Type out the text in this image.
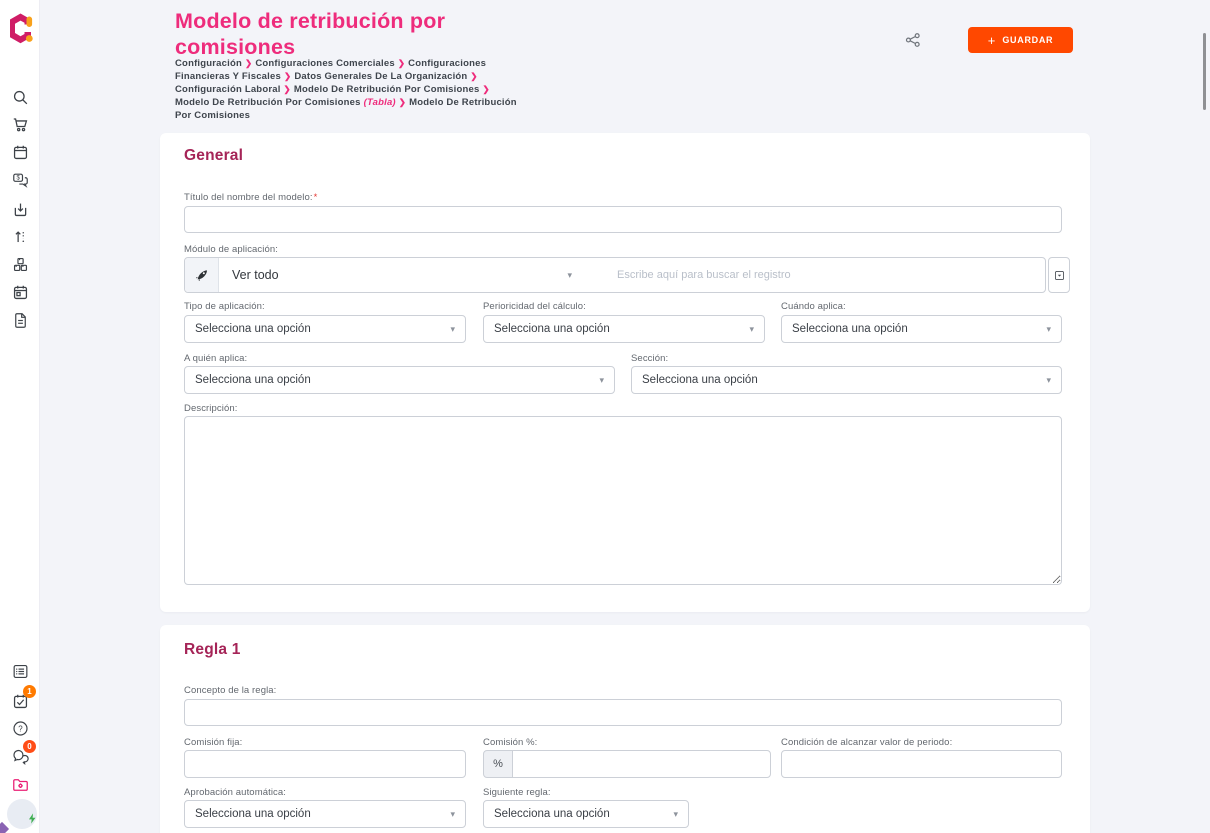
$
1
?
0
Modelo de retribución por comisiones
Configuración ❯ Configuraciones Comerciales ❯ Configuraciones Financieras Y Fiscales ❯ Datos Generales De La Organización ❯Configuración Laboral ❯ Modelo De Retribución Por Comisiones ❯Modelo De Retribución Por Comisiones (Tabla) ❯ Modelo De Retribución Por Comisiones
+ GUARDAR
General
Título del nombre del modelo:*
Módulo de aplicación:
Ver todo	▾
Escribe aquí para buscar el registro
Tipo de aplicación:
Selecciona una opción	▾
Perioricidad del cálculo:
Selecciona una opción	▾
Cuándo aplica:
Selecciona una opción	▾
A quién aplica:
Selecciona una opción	▾
Sección:
Selecciona una opción	▾
Descripción:
Regla 1
Concepto de la regla:
Comisión fija:	Comisión %:
%
Condición de alcanzar valor de periodo:
Aprobación automática:
Selecciona una opción	▾
Siguiente regla:
Selecciona una opción	▾
